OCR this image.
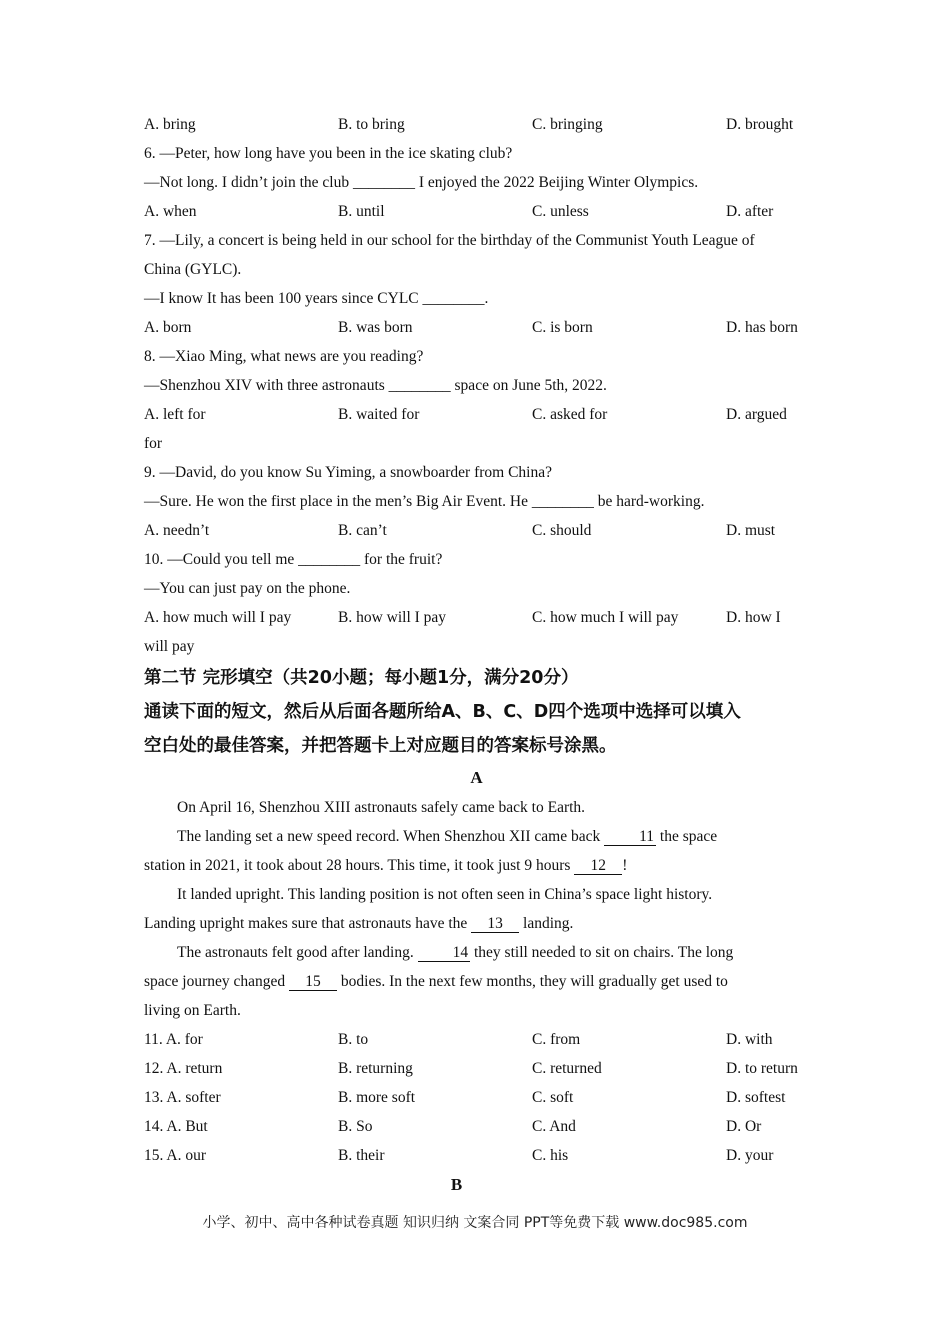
A. bring	B. to bring	C. bringing	D. brought
6. —Peter, how long have you been in the ice skating club?
—Not long. I didn’t join the club ________ I enjoyed the 2022 Beijing Winter Olympics.
A. when	B. until	C. unless	D. after
7. —Lily, a concert is being held in our school for the birthday of the Communist Youth League of
China (GYLC).
—I know It has been 100 years since CYLC ________.
A. born	B. was born	C. is born	D. has born
8. —Xiao Ming, what news are you reading?
—Shenzhou XIV with three astronauts ________ space on June 5th, 2022.
A. left for	B. waited for	C. asked for	D. argued
for
9. —David, do you know Su Yiming, a snowboarder from China?
—Sure. He won the first place in the men’s Big Air Event. He ________ be hard-working.
A. needn’t	B. can’t	C. should	D. must
10. —Could you tell me ________ for the fruit?
—You can just pay on the phone.
A. how much will I pay	B. how will I pay	C. how much I will pay	D. how I
will pay
第二节 完形填空（共20小题；每小题1分，满分20分）
通读下面的短文，然后从后面各题所给A、B、C、D四个选项中选择可以填入
空白处的最佳答案，并把答题卡上对应题目的答案标号涂黑。
A
On April 16, Shenzhou XIII astronauts safely came back to Earth.
The landing set a new speed record. When Shenzhou XII came back 11 the space
station in 2021, it took about 28 hours. This time, it took just 9 hours 12 !
It landed upright. This landing position is not often seen in China’s space light history.
Landing upright makes sure that astronauts have the 13 landing.
The astronauts felt good after landing. 14 they still needed to sit on chairs. The long
space journey changed 15 bodies. In the next few months, they will gradually get used to
living on Earth.
11. A. for	B. to	C. from	D. with
12. A. return	B. returning	C. returned	D. to return
13. A. softer	B. more soft	C. soft	D. softest
14. A. But	B. So	C. And	D. Or
15. A. our	B. their	C. his	D. your
B
小学、初中、高中各种试卷真题 知识归纳 文案合同 PPT等免费下载 www.doc985.com
